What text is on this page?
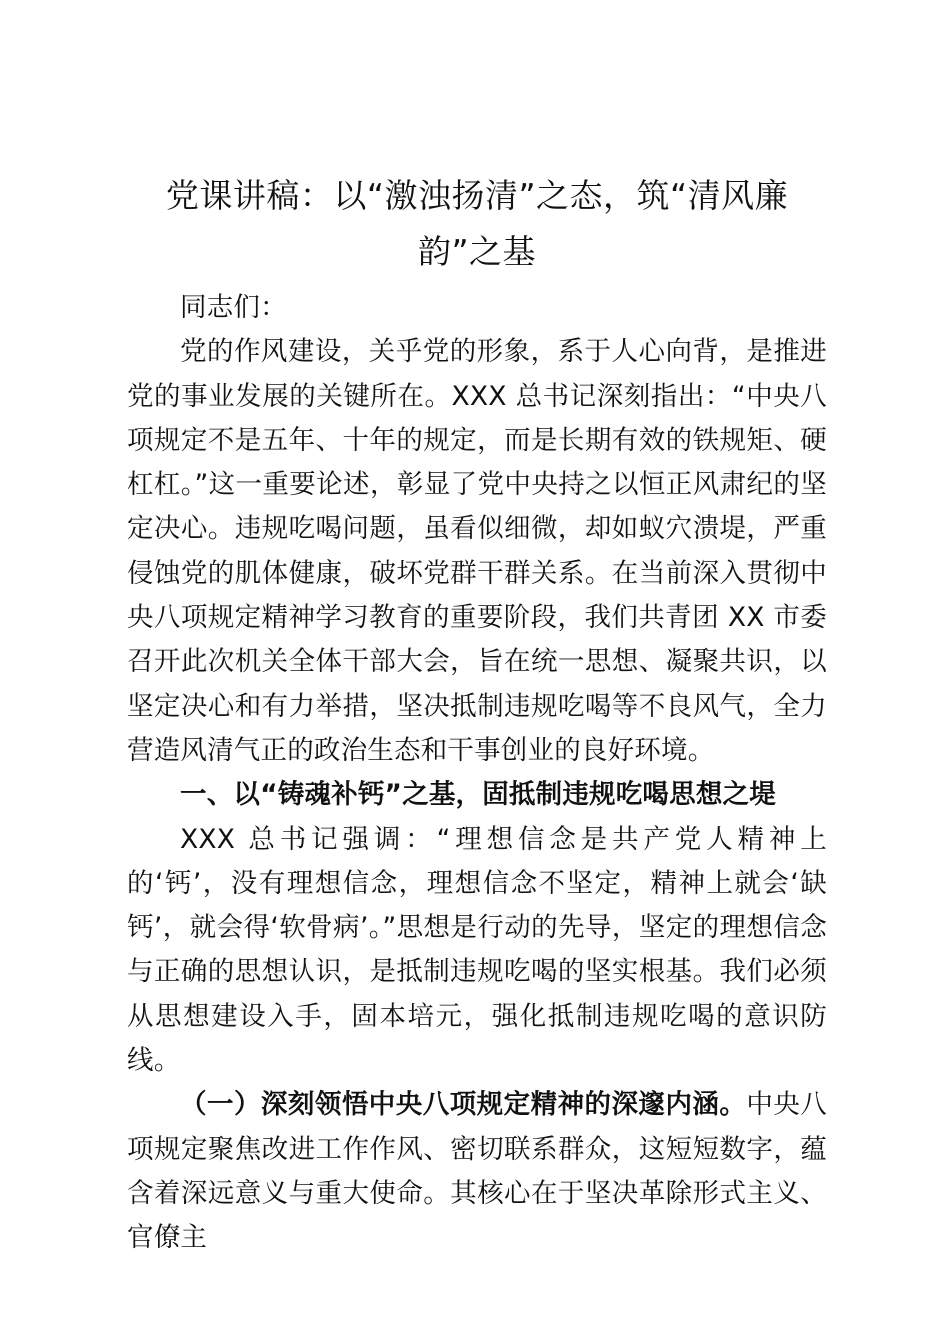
党课讲稿：以“激浊扬清”之态，筑“清风廉韵”之基

同志们：

党的作风建设，关乎党的形象，系于人心向背，是推进党的事业发展的关键所在。XXX 总书记深刻指出：“中央八项规定不是五年、十年的规定，而是长期有效的铁规矩、硬杠杠。”这一重要论述，彰显了党中央持之以恒正风肃纪的坚定决心。违规吃喝问题，虽看似细微，却如蚁穴溃堤，严重侵蚀党的肌体健康，破坏党群干群关系。在当前深入贯彻中央八项规定精神学习教育的重要阶段，我们共青团 XX 市委召开此次机关全体干部大会，旨在统一思想、凝聚共识，以坚定决心和有力举措，坚决抵制违规吃喝等不良风气，全力营造风清气正的政治生态和干事创业的良好环境。

一、以“铸魂补钙”之基，固抵制违规吃喝思想之堤

XXX 总书记强调：“理想信念是共产党人精神上的‘钙’，没有理想信念，理想信念不坚定，精神上就会‘缺钙’，就会得‘软骨病’。”思想是行动的先导，坚定的理想信念与正确的思想认识，是抵制违规吃喝的坚实根基。我们必须从思想建设入手，固本培元，强化抵制违规吃喝的意识防线。

（一）深刻领悟中央八项规定精神的深邃内涵。中央八项规定聚焦改进工作作风、密切联系群众，这短短数字，蕴含着深远意义与重大使命。其核心在于坚决革除形式主义、官僚主
